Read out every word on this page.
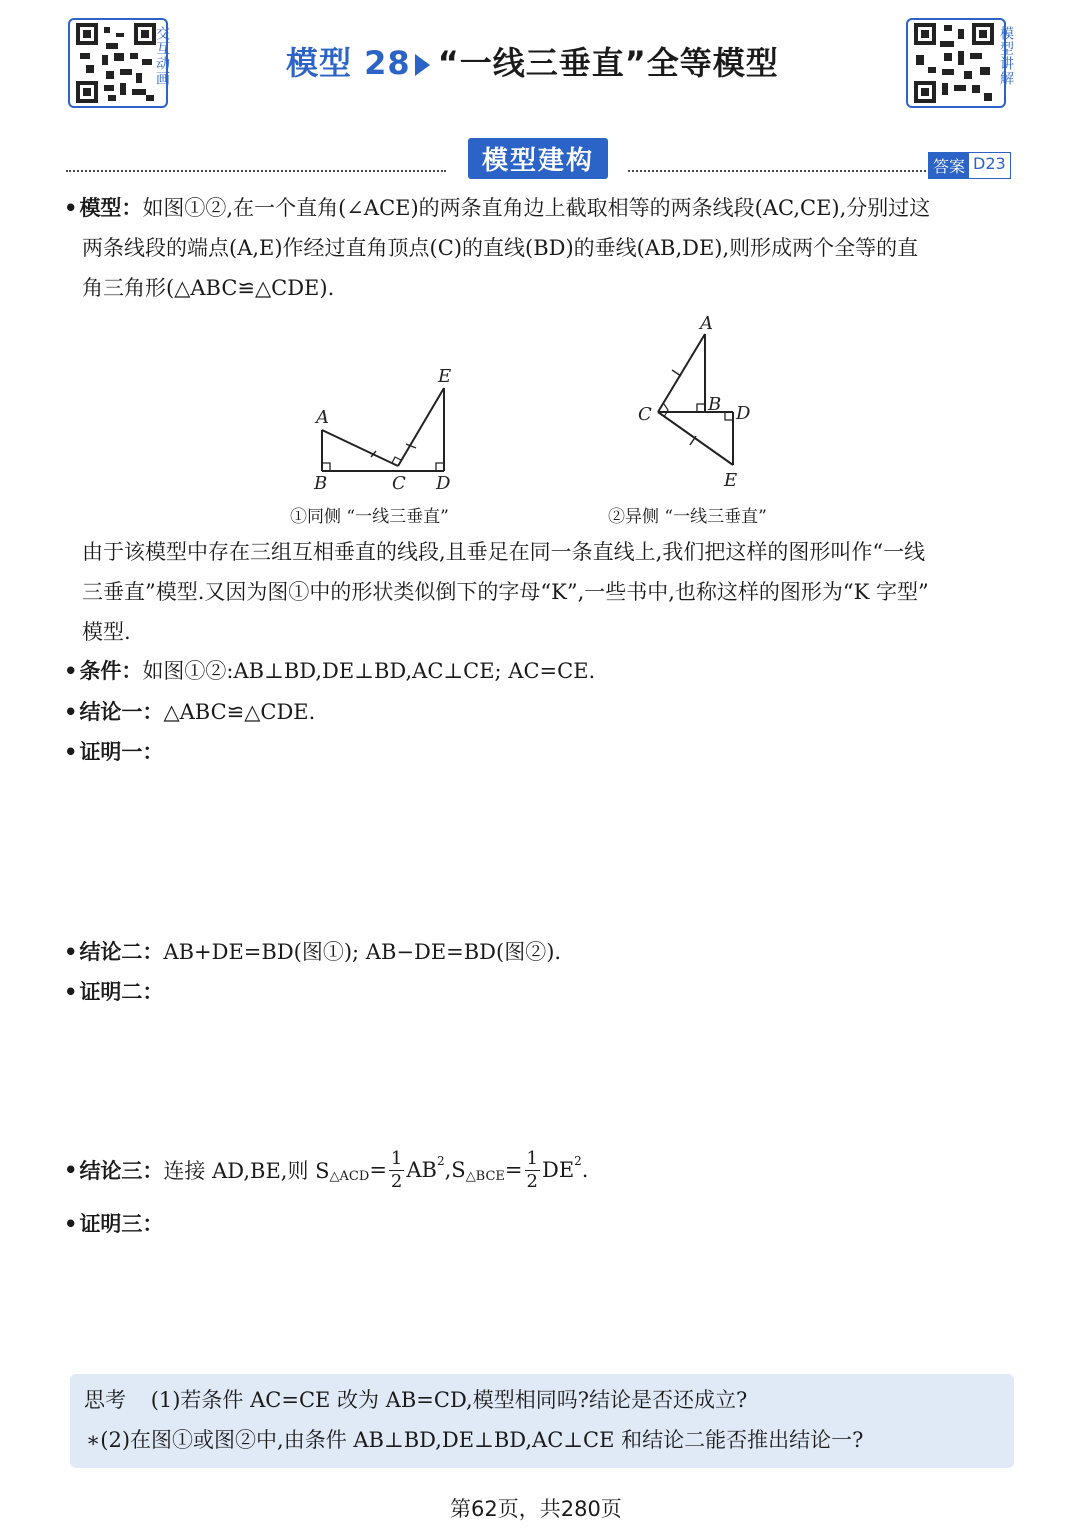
交互动画	模型 28 “一线三垂直”全等模型	模型讲解
模型建构	答案 D23
•模型：如图①②,在一个直角(∠ACE)的两条直角边上截取相等的两条线段(AC,CE),分别过这
两条线段的端点(A,E)作经过直角顶点(C)的直线(BD)的垂线(AB,DE),则形成两个全等的直
角三角形(△ABC≌△CDE).
A
B	C D
E
①同侧 “一线三垂直”
A
B
C	D
E
②异侧 “一线三垂直”
由于该模型中存在三组互相垂直的线段,且垂足在同一条直线上,我们把这样的图形叫作“一线
三垂直”模型.又因为图①中的形状类似倒下的字母“K”,一些书中,也称这样的图形为“K 字型”
模型.
•条件：如图①②:AB⊥BD,DE⊥BD,AC⊥CE; AC=CE.
•结论一：△ABC≌△CDE.
•证明一：
•结论二：AB+DE=BD(图①); AB−DE=BD(图②).
•证明二：
• 结论三： 连接 AD,BE,则 S △ACD = $\frac{1}{2}$ AB 2 ,S △BCE = $\frac{1}{2}$ DE 2 .
•证明三：
思考 (1)若条件 AC=CE 改为 AB=CD,模型相同吗?结论是否还成立?
∗(2)在图①或图②中,由条件 AB⊥BD,DE⊥BD,AC⊥CE 和结论二能否推出结论一?
第62页，共280页
